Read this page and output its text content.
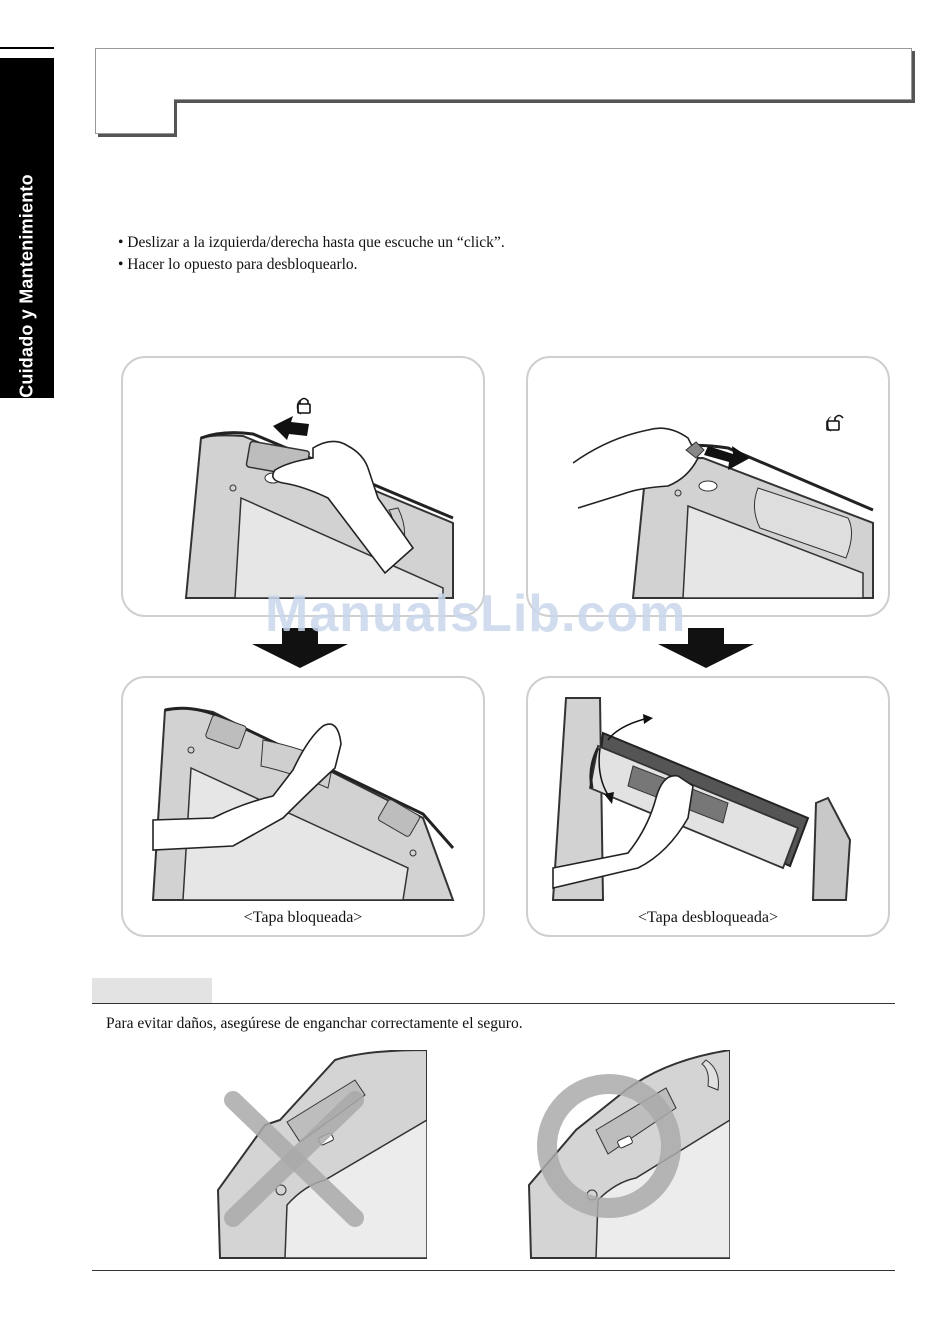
Cuidado y Mantenimiento	• Deslizar a la izquierda/derecha hasta que escuche un “click”.
• Hacer lo opuesto para desbloquearlo.
(
(
<Tapa bloqueada>	<Tapa desbloqueada>
ManualsLib.com
Para evitar daños, asegúrese de enganchar correctamente el seguro.
